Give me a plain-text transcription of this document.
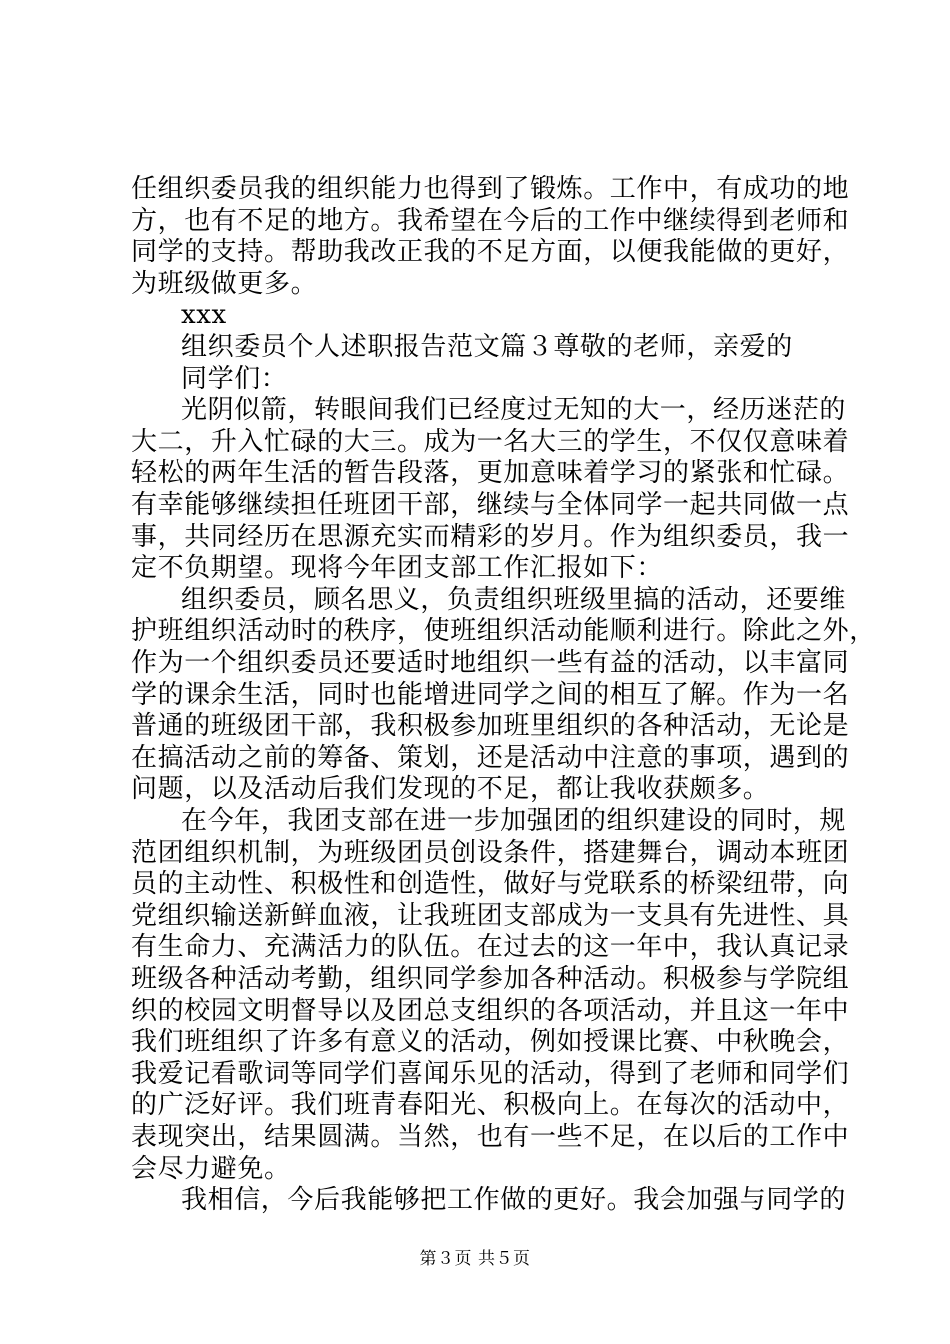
任组织委员我的组织能力也得到了锻炼。工作中，有成功的地
方，也有不足的地方。我希望在今后的工作中继续得到老师和
同学的支持。帮助我改正我的不足方面，以便我能做的更好，
为班级做更多。
xxx
组织委员个人述职报告范文篇３尊敬的老师，亲爱的
同学们：
光阴似箭，转眼间我们已经度过无知的大一，经历迷茫的
大二，升入忙碌的大三。成为一名大三的学生，不仅仅意味着
轻松的两年生活的暂告段落，更加意味着学习的紧张和忙碌。
有幸能够继续担任班团干部，继续与全体同学一起共同做一点
事，共同经历在思源充实而精彩的岁月。作为组织委员，我一
定不负期望。现将今年团支部工作汇报如下：
组织委员，顾名思义，负责组织班级里搞的活动，还要维
护班组织活动时的秩序，使班组织活动能顺利进行。除此之外，
作为一个组织委员还要适时地组织一些有益的活动，以丰富同
学的课余生活，同时也能增进同学之间的相互了解。作为一名
普通的班级团干部，我积极参加班里组织的各种活动，无论是
在搞活动之前的筹备、策划，还是活动中注意的事项，遇到的
问题，以及活动后我们发现的不足，都让我收获颇多。
在今年，我团支部在进一步加强团的组织建设的同时，规
范团组织机制，为班级团员创设条件，搭建舞台，调动本班团
员的主动性、积极性和创造性，做好与党联系的桥梁纽带，向
党组织输送新鲜血液，让我班团支部成为一支具有先进性、具
有生命力、充满活力的队伍。在过去的这一年中，我认真记录
班级各种活动考勤，组织同学参加各种活动。积极参与学院组
织的校园文明督导以及团总支组织的各项活动，并且这一年中
我们班组织了许多有意义的活动，例如授课比赛、中秋晚会，
我爱记看歌词等同学们喜闻乐见的活动，得到了老师和同学们
的广泛好评。我们班青春阳光、积极向上。在每次的活动中，
表现突出，结果圆满。当然，也有一些不足，在以后的工作中
会尽力避免。
我相信，今后我能够把工作做的更好。我会加强与同学的
第３页 共５页
